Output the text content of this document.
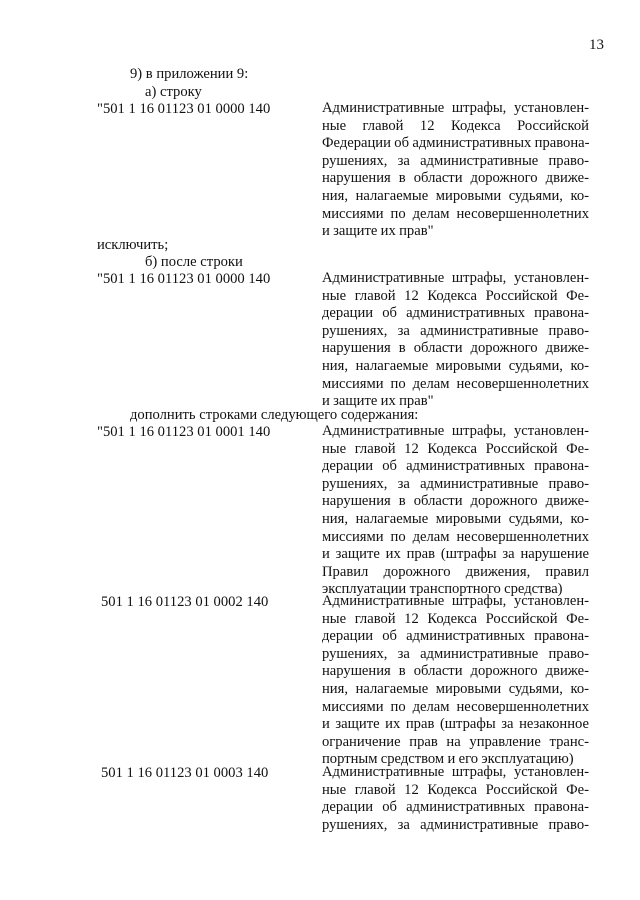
13
9) в приложении 9:
а) строку
"501 1 16 01123 01 0000 140	Административные штрафы, установлен-
ные главой 12 Кодекса Российской
Федерации об административных правона-
рушениях, за административные право-
нарушения в области дорожного движе-
ния, налагаемые мировыми судьями, ко-
миссиями по делам несовершеннолетних
и защите их прав"
исключить;
б) после строки
"501 1 16 01123 01 0000 140	Административные штрафы, установлен-
ные главой 12 Кодекса Российской Фе-
дерации об административных правона-
рушениях, за административные право-
нарушения в области дорожного движе-
ния, налагаемые мировыми судьями, ко-
миссиями по делам несовершеннолетних
и защите их прав"
дополнить строками следующего содержания:
"501 1 16 01123 01 0001 140	Административные штрафы, установлен-
ные главой 12 Кодекса Российской Фе-
дерации об административных правона-
рушениях, за административные право-
нарушения в области дорожного движе-
ния, налагаемые мировыми судьями, ко-
миссиями по делам несовершеннолетних
и защите их прав (штрафы за нарушение
Правил дорожного движения, правил
эксплуатации транспортного средства)
501 1 16 01123 01 0002 140	Административные штрафы, установлен-
ные главой 12 Кодекса Российской Фе-
дерации об административных правона-
рушениях, за административные право-
нарушения в области дорожного движе-
ния, налагаемые мировыми судьями, ко-
миссиями по делам несовершеннолетних
и защите их прав (штрафы за незаконное
ограничение прав на управление транс-
портным средством и его эксплуатацию)
501 1 16 01123 01 0003 140	Административные штрафы, установлен-
ные главой 12 Кодекса Российской Фе-
дерации об административных правона-
рушениях, за административные право-
